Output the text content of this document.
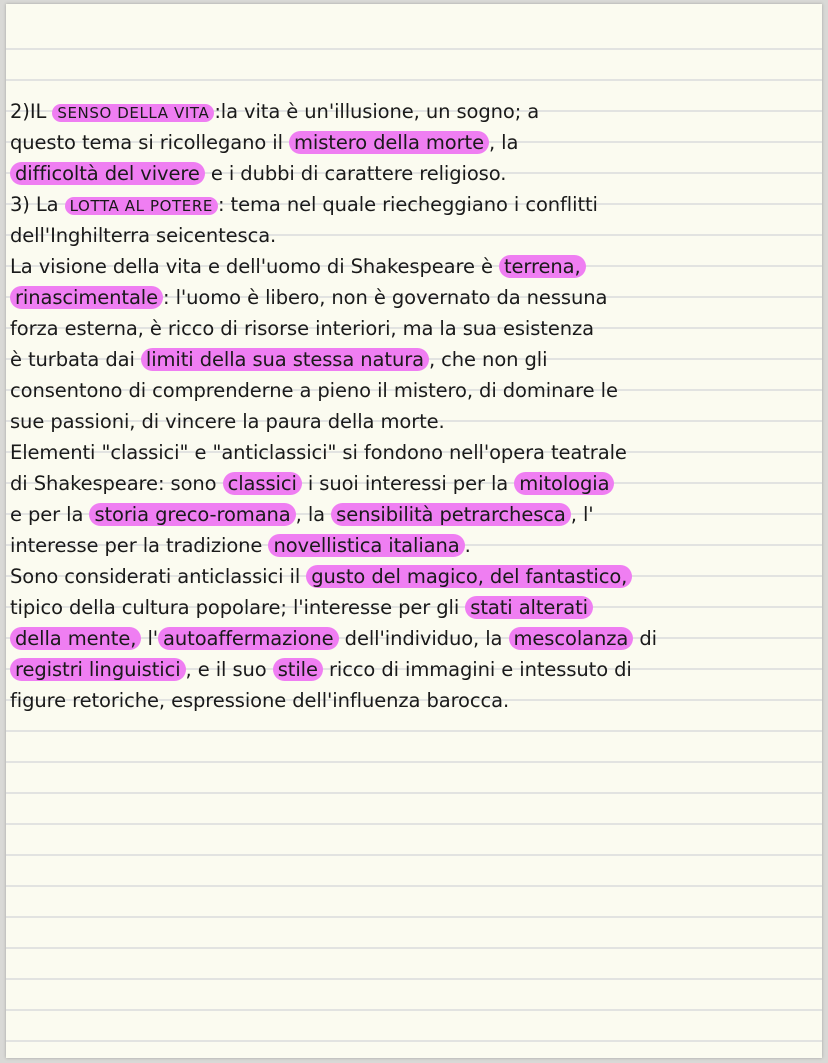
2)IL SENSO DELLA VITA :la vita è un'illusione, un sogno; a
questo tema si ricollegano il mistero della morte , la
difficoltà del vivere e i dubbi di carattere religioso.
3) La LOTTA AL POTERE : tema nel quale riecheggiano i conflitti
dell'Inghilterra seicentesca.
La visione della vita e dell'uomo di Shakespeare è terrena,
rinascimentale : l'uomo è libero, non è governato da nessuna
forza esterna, è ricco di risorse interiori, ma la sua esistenza
è turbata dai limiti della sua stessa natura , che non gli
consentono di comprenderne a pieno il mistero, di dominare le
sue passioni, di vincere la paura della morte.
Elementi "classici" e "anticlassici" si fondono nell'opera teatrale
di Shakespeare: sono classici i suoi interessi per la mitologia
e per la storia greco-romana , la sensibilità petrarchesca , l'
interesse per la tradizione novellistica italiana .
Sono considerati anticlassici il gusto del magico, del fantastico,
tipico della cultura popolare; l'interesse per gli stati alterati
della mente, l' autoaffermazione dell'individuo, la mescolanza di
registri linguistici , e il suo stile ricco di immagini e intessuto di
figure retoriche, espressione dell'influenza barocca.
